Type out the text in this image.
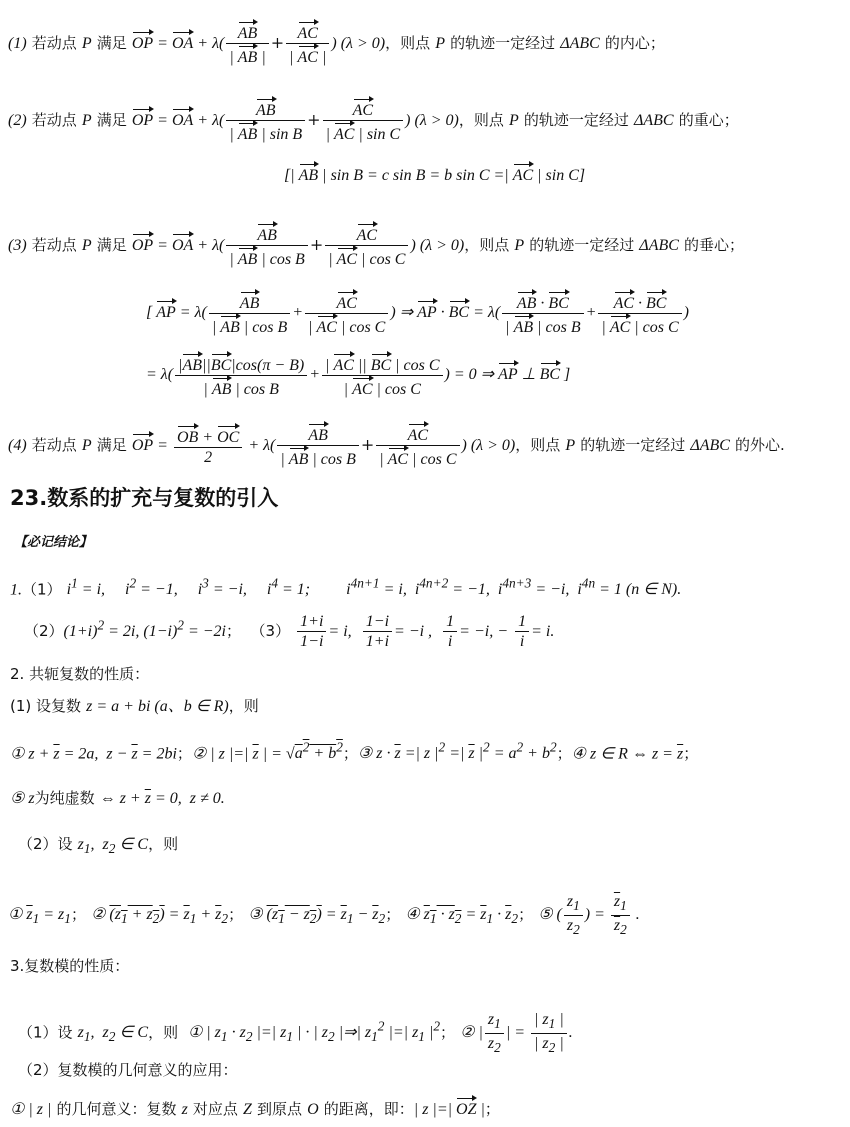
(1) 若动点 P 满足 OP = OA + $\lambda( \frac{AB}{| AB |} + \frac{AC}{| AC |}$ ) (λ > 0)，则点 P 的轨迹一定经过 ΔABC 的内心；
(2) 若动点 P 满足 OP = OA + $\lambda( \frac{AB}{\text{| AB | sin B}} + \frac{AC}{\text{| AC | sin C}}$ ) (λ > 0)，则点 P 的轨迹一定经过 ΔABC 的重心；
[| AB | sin B = c sin B = b sin C =| AC | sin C]
(3) 若动点 P 满足 OP = OA + $\lambda( \frac{AB}{\text{| AB | cos B}} + \frac{AC}{\text{| AC | cos C}}$ ) (λ > 0)，则点 P 的轨迹一定经过 ΔABC 的垂心；
[ AP = $\lambda( \frac{AB}{\text{| AB | cos B}} + \frac{AC}{\text{| AC | cos C}}$ ) ⇒ AP · BC = $\lambda( \frac{AB \cdot BC}{\text{| AB | cos B}} + \frac{AC \cdot BC}{\text{| AC | cos C}}$ )
= $\lambda( \frac{|AB||BC|\cos(\pi - B)}{\text{| AB | cos B}} + \frac{\text{| AC || BC | cos C}}{\text{| AC | cos C}}$ ) = 0 ⇒ AP ⊥ BC ]
(4) 若动点 P 满足 OP = $\frac{OB + OC}{2} + \lambda( \frac{AB}{\text{| AB | cos B}} + \frac{AC}{\text{| AC | cos C}}$ ) (λ > 0)，则点 P 的轨迹一定经过 ΔABC 的外心.
23.数系的扩充与复数的引入
【必记结论】
1.（1） $i^1 = i$,     $i^2 = -1$,     $i^3 = -i$,     $i^4 = 1$;         $i^{4n+1} = i$,  $i^{4n+2} = -1$,  $i^{4n+3} = -i$,  $i^{4n} = 1$ (n ∈ N).
$(2)(1+i)^2 = 2i$, $(1-i)^2 = -2i$；  $(3) \frac{1+i}{1-i} = i$, $\frac{1-i}{1+i} = -i$ , $\frac{1}{i} = -i$, − $\frac{1}{i} = i$.
2. 共轭复数的性质：
(1) 设复数 z = a + bi (a、b ∈ R)，则
① $z + \overline{z} = 2a$,  $z - \overline{z} = 2bi$；② | z |=| $\overline{z}$ | = $√a^2 + b^2$；③ $z \cdot \overline{z}$ =| z $|^2$ =| $\overline{z}$ $|^2 = a^2 + b^2$；④ z ∈ R ⇔ $z = \overline{z}$；
⑤ z为纯虚数 ⇔ $z + \overline{z} = 0$,  z ≠ 0.
（2）设 $z_1$,  $z_2$ ∈ C，则
① $z_1 = z_1$； ② $(z_1 + z_2) = \overline{z}_1 + \overline{z}_2$； ③ $(z_1 - z_2) = \overline{z}_1 - \overline{z}_2$； ④ $z_1 \cdot z_2 = \overline{z}_1 \cdot \overline{z}_2$； ⑤ ( $\frac{z_1}{z_2}$ ) = $\frac{\overline{z}_1}{\overline{z}_2}$ .
3.复数模的性质：
（1）设 $z_1$,  $z_2$ ∈ C，则  ① | $z_1 \cdot z_2$ |=| $z_1$ | · | $z_2$ |⇒| $z_1^2$ |=| $z_1$ $|^2$； ② | $\frac{z_1}{z_2}$ | = $\frac{| z_1 |}{| z_2 |}$ .
（2）复数模的几何意义的应用：
① | z | 的几何意义：复数 z 对应点 Z 到原点 O 的距离，即：| z |=| OZ |；
